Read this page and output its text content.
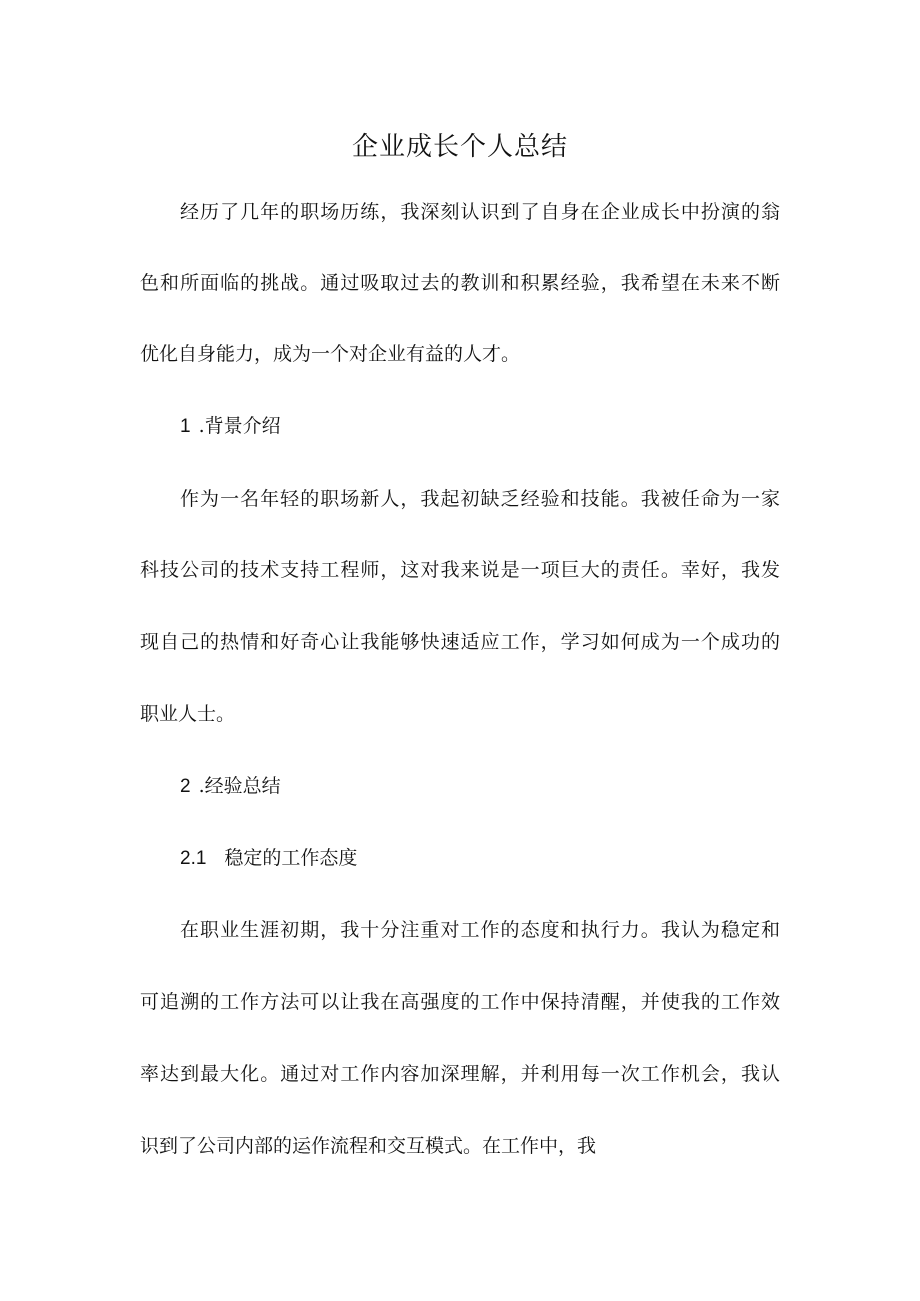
企业成长个人总结

经历了几年的职场历练，我深刻认识到了自身在企业成长中扮演的翁

色和所面临的挑战。通过吸取过去的教训和积累经验，我希望在未来不断

优化自身能力，成为一个对企业有益的人才。

1 .背景介绍

作为一名年轻的职场新人，我起初缺乏经验和技能。我被任命为一家

科技公司的技术支持工程师，这对我来说是一项巨大的责任。幸好，我发

现自己的热情和好奇心让我能够快速适应工作，学习如何成为一个成功的

职业人士。

2 .经验总结

2.1 稳定的工作态度

在职业生涯初期，我十分注重对工作的态度和执行力。我认为稳定和

可追溯的工作方法可以让我在高强度的工作中保持清醒，并使我的工作效

率达到最大化。通过对工作内容加深理解，并利用每一次工作机会，我认

识到了公司内部的运作流程和交互模式。在工作中，我
